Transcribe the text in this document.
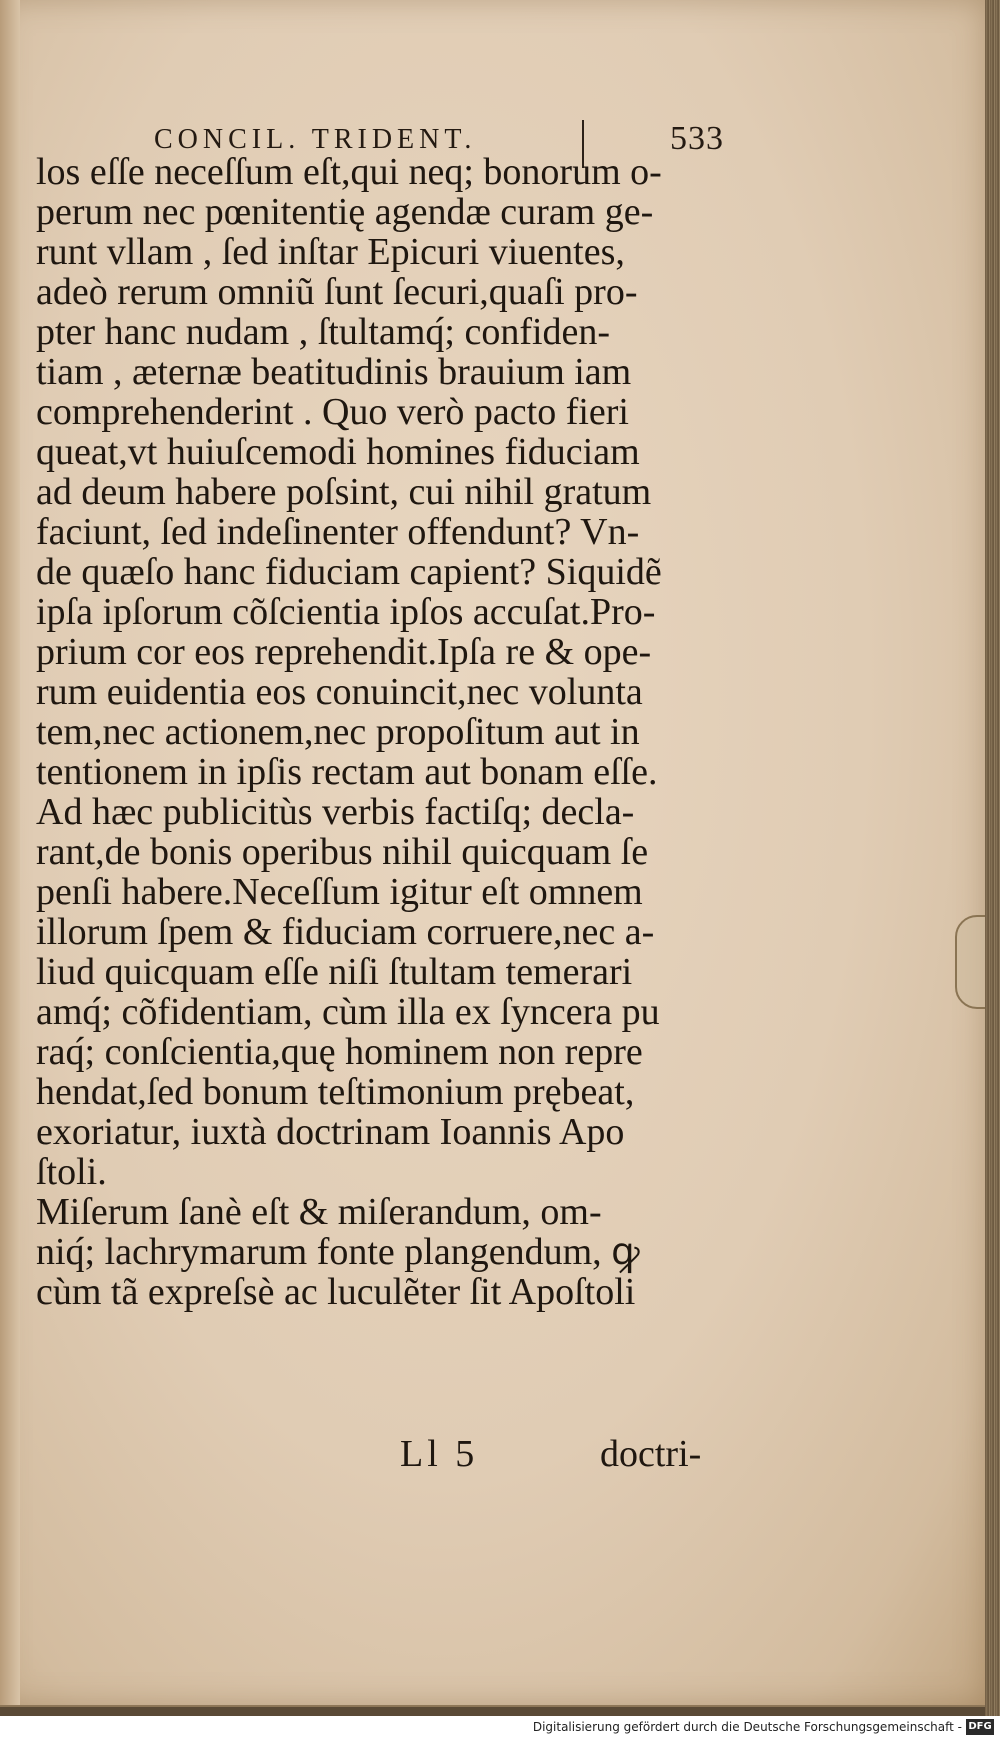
CONCIL. TRIDENT.	533
los eſſe neceſſum eſt,qui neq; bonorum o-
perum nec pœnitentię agendæ curam ge-
runt vllam , ſed inſtar Epicuri viuentes,
adeò rerum omniũ ſunt ſecuri,quaſi pro-
pter hanc nudam , ſtultamq́; confiden-
tiam , æternæ beatitudinis brauium iam
comprehenderint . Quo verò pacto fieri
queat,vt huiuſcemodi homines fiduciam
ad deum habere poſsint, cui nihil gratum
faciunt, ſed indeſinenter offendunt? Vn-
de quæſo hanc fiduciam capient? Siquidẽ
ipſa ipſorum cõſcientia ipſos accuſat.Pro-
prium cor eos reprehendit.Ipſa re & ope-
rum euidentia eos conuincit,nec volunta
tem,nec actionem,nec propoſitum aut in
tentionem in ipſis rectam aut bonam eſſe.
Ad hæc publicitùs verbis factiſq; decla-
rant,de bonis operibus nihil quicquam ſe
penſi habere.Neceſſum igitur eſt omnem
illorum ſpem & fiduciam corruere,nec a-
liud quicquam eſſe niſi ſtultam temerari
amq́; cõfidentiam, cùm illa ex ſyncera pu
raq́; conſcientia,quę hominem non repre
hendat,ſed bonum teſtimonium prębeat,
exoriatur, iuxtà doctrinam Ioannis Apo
ſtoli.
Miſerum ſanè eſt & miſerandum, om-
niq́; lachrymarum fonte plangendum, ꝙ
cùm tã expreſsè ac luculẽter ſit Apoſtoli
Ll 5	doctri-
Digitalisierung gefördert durch die Deutsche Forschungsgemeinschaft - DFG
